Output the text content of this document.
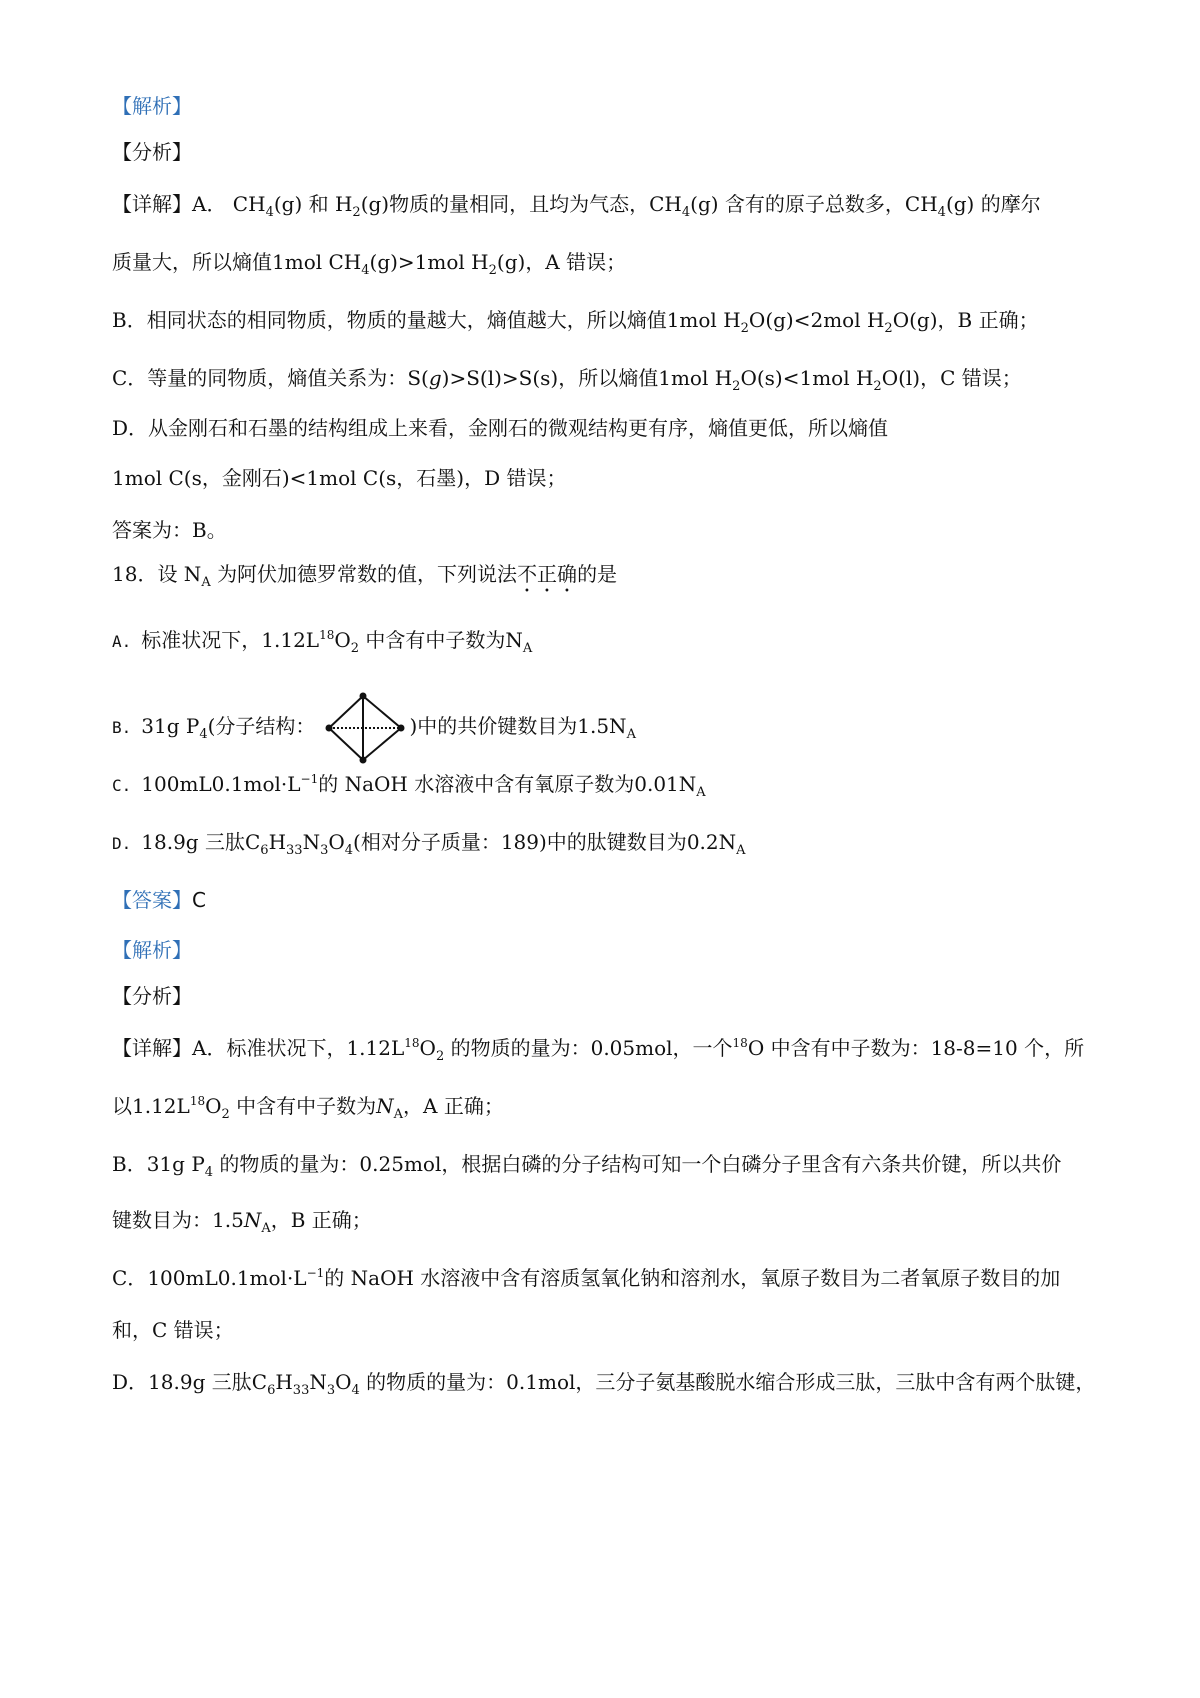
【解析】
【分析】
【详解】A． $CH_4(g)$ 和 $H_2(g)$物质的量相同，且均为气态，$CH_4(g)$ 含有的原子总数多，$CH_4(g)$ 的摩尔
质量大，所以熵值1mol $CH_4(g)>1mol$ $H_2(g)$，A 错误；
B．相同状态的相同物质，物质的量越大，熵值越大，所以熵值1mol $H_2O(g)<2mol$ $H_2O(g)$，B 正确；
C．等量的同物质，熵值关系为：S(g)>S(l)>S(s)，所以熵值1mol $H_2O(s)<1mol$ $H_2O(l)$，C 错误；
D．从金刚石和石墨的结构组成上来看，金刚石的微观结构更有序，熵值更低，所以熵值
1mol C(s，金刚石)<1mol C(s，石墨)，D 错误；
答案为：B。
18．设 $N_A$ 为阿伏加德罗常数的值，下列说法不正确的是
A. 标准状况下，$1.12L^{18}O_2$ 中含有中子数为$N_A$
B. 31g $P_4$(分子结构：	)中的共价键数目为$1.5N_A$
C. $100mL0.1mol\cdot L^{-1}$的 NaOH 水溶液中含有氧原子数为$0.01N_A$
D. 18.9g 三肽$C_6H_{33}N_3O_4$(相对分子质量：189)中的肽键数目为$0.2N_A$
【答案】C
【解析】
【分析】
【详解】A．标准状况下，$1.12L^{18}O_2$ 的物质的量为：0.05mol，一个$^{18}$O 中含有中子数为：18-8=10 个，所
以$1.12L^{18}O_2$ 中含有中子数为$N_A$，A 正确；
B．31g $P_4$ 的物质的量为：0.25mol，根据白磷的分子结构可知一个白磷分子里含有六条共价键，所以共价
键数目为：$1.5N_A$，B 正确；
C．$100mL0.1mol\cdot L^{-1}$的 NaOH 水溶液中含有溶质氢氧化钠和溶剂水，氧原子数目为二者氧原子数目的加
和，C 错误；
D．18.9g 三肽$C_6H_{33}N_3O_4$ 的物质的量为：0.1mol，三分子氨基酸脱水缩合形成三肽，三肽中含有两个肽键，
